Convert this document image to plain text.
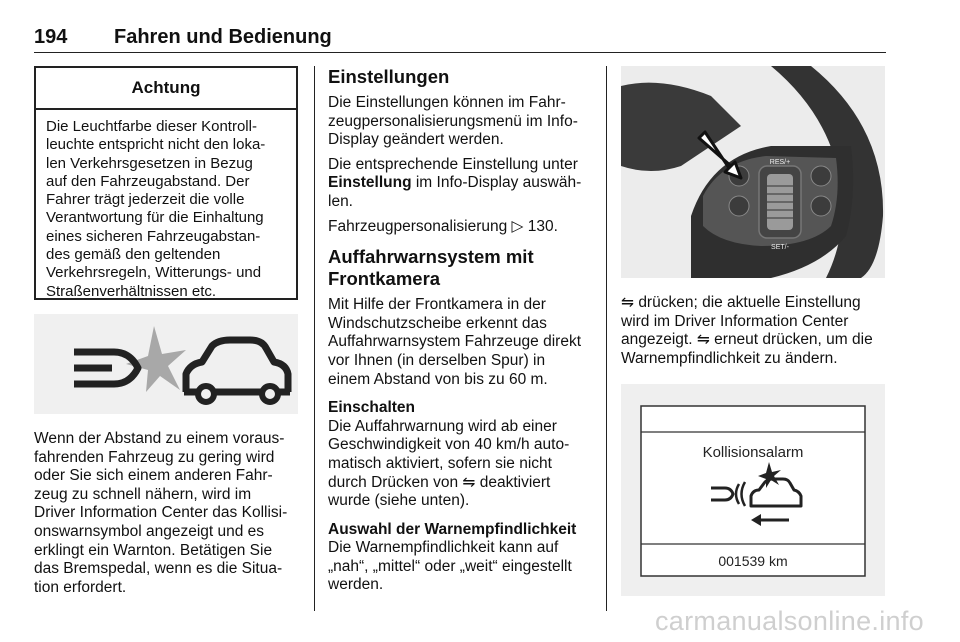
194 Fahren und Bedienung
Achtung
Die Leuchtfarbe dieser Kontroll-
leuchte entspricht nicht den loka-
len Verkehrsgesetzen in Bezug
auf den Fahrzeugabstand. Der
Fahrer trägt jederzeit die volle
Verantwortung für die Einhaltung
eines sicheren Fahrzeugabstan-
des gemäß den geltenden
Verkehrsregeln, Witterungs- und
Straßenverhältnissen etc.

Wenn der Abstand zu einem voraus-

fahrenden Fahrzeug zu gering wird

oder Sie sich einem anderen Fahr-

zeug zu schnell nähern, wird im

Driver Information Center das Kollisi-

onswarnsymbol angezeigt und es

erklingt ein Warnton. Betätigen Sie

das Bremspedal, wenn es die Situa-

tion erfordert.

Einstellungen

Die Einstellungen können im Fahr-

zeugpersonalisierungsmenü im Info-

Display geändert werden.

Die entsprechende Einstellung unter

Einstellung im Info-Display auswäh-

len.

Fahrzeugpersonalisierung ▷ 130.

Auffahrwarnsystem mit

Frontkamera

Mit Hilfe der Frontkamera in der

Windschutzscheibe erkennt das

Auffahrwarnsystem Fahrzeuge direkt

vor Ihnen (in derselben Spur) in

einem Abstand von bis zu 60 m.

Einschalten

Die Auffahrwarnung wird ab einer

Geschwindigkeit von 40 km/h auto-

matisch aktiviert, sofern sie nicht

durch Drücken von ⇋ deaktiviert

wurde (siehe unten).

Auswahl der Warnempfindlichkeit

Die Warnempfindlichkeit kann auf

„nah“, „mittel“ oder „weit“ eingestellt

werden.

RES/+
SET/-

⇋ drücken; die aktuelle Einstellung

wird im Driver Information Center

angezeigt. ⇋ erneut drücken, um die

Warnempfindlichkeit zu ändern.

Kollisionsalarm
001539 km
carmanualsonline.info
